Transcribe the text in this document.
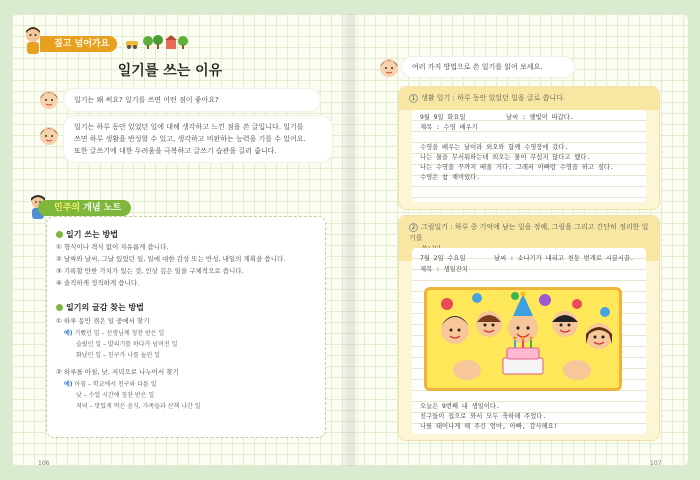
짚고 넘어가요
일기를 쓰는 이유
일기는 왜 써요? 일기를 쓰면 어떤 점이 좋아요?
일기는 하루 동안 있었던 일에 대해 생각하고 느낀 점을 쓴 글입니다. 일기를
쓰면 하루 생활을 반성할 수 있고, 생각하고 비판하는 능력을 기를 수 있어요.
또한 글쓰기에 대한 두려움을 극복하고 글쓰기 습관을 길러 줍니다.
민주의 개념 노트
일기 쓰는 방법
① 형식이나 격식 없이 자유롭게 씁니다.
② 날짜와 날씨, 그날 있었던 일, 일에 대한 감상 또는 반성, 내일의 계획을 씁니다.
③ 기록할 만한 가치가 있는 것, 인상 깊은 일을 구체적으로 씁니다.
④ 솔직하게 정직하게 씁니다.
일기의 글감 찾는 방법
① 하루 동안 겪은 일 중에서 찾기
예) 기뻤던 일 – 선생님께 칭찬 받은 일
슬펐던 일 – 발리기를 하다가 넘어진 일
화났던 일 – 친구가 나를 놀린 일
② 하루를 아침, 낮, 저녁으로 나누어서 찾기
예) 아침 – 학교에서 친구와 다툰 일
낮 – 수업 시간에 칭찬 받은 일
저녁 – 맛있게 먹은 음식, 가족들과 산책 나간 일
106
여러 가지 방법으로 쓴 일기를 읽어 보세요.
1 생활 일기 : 하루 동안 있었던 일을 글로 씁니다.
9월 9일 화요일	날씨 : 햇빛이 따갑다.
제목 : 수영 배우기
수영을 배우는 날이라 외오와 함께 수영장에 갔다.
나는 물을 무서워하는데 외오는 물이 무섭지 않다고 했다.
나는 수영을 꾸까지 배울 거다. 그래서 아빠랑 수영을 하고 싶다.
수영은 참 재미있다.
2 그림일기 : 하루 중 기억에 남는 일을 정해, 그림을 그리고 간단히 정리한 일기를
7월 2일 수요일	날씨 : 소나기가 내리고 천둥 번개로 시끌시끌.
제목 : 생일잔치
오늘은 9번째 내 생일이다.
친구들이 집으로 와서 모두 축하해 주었다.
나를 태어나게 해 주신 엄마, 아빠, 감사해요!
107
